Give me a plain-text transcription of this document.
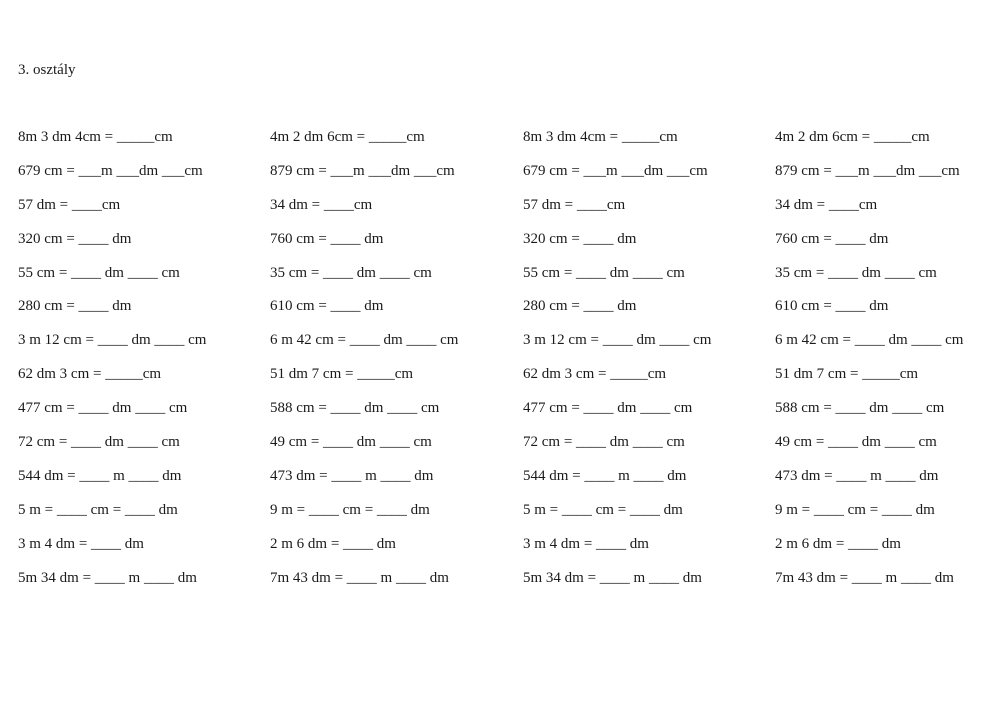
3. osztály
8m 3 dm 4cm = _____cm	4m 2 dm 6cm = _____cm	8m 3 dm 4cm = _____cm	4m 2 dm 6cm = _____cm
679 cm = ___m ___dm ___cm	879 cm = ___m ___dm ___cm	679 cm = ___m ___dm ___cm	879 cm = ___m ___dm ___cm
57 dm = ____cm	34 dm = ____cm	57 dm = ____cm	34 dm = ____cm
320 cm = ____ dm	760 cm = ____ dm	320 cm = ____ dm	760 cm = ____ dm
55 cm = ____ dm ____ cm	35 cm = ____ dm ____ cm	55 cm = ____ dm ____ cm	35 cm = ____ dm ____ cm
280 cm = ____ dm	610 cm = ____ dm	280 cm = ____ dm	610 cm = ____ dm
3 m 12 cm = ____ dm ____ cm	6 m 42 cm = ____ dm ____ cm	3 m 12 cm = ____ dm ____ cm	6 m 42 cm = ____ dm ____ cm
62 dm 3 cm = _____cm	51 dm 7 cm = _____cm	62 dm 3 cm = _____cm	51 dm 7 cm = _____cm
477 cm = ____ dm ____ cm	588 cm = ____ dm ____ cm	477 cm = ____ dm ____ cm	588 cm = ____ dm ____ cm
72 cm = ____ dm ____ cm	49 cm = ____ dm ____ cm	72 cm = ____ dm ____ cm	49 cm = ____ dm ____ cm
544 dm = ____ m ____ dm	473 dm = ____ m ____ dm	544 dm = ____ m ____ dm	473 dm = ____ m ____ dm
5 m = ____ cm = ____ dm	9 m = ____ cm = ____ dm	5 m = ____ cm = ____ dm	9 m = ____ cm = ____ dm
3 m 4 dm = ____ dm	2 m 6 dm = ____ dm	3 m 4 dm = ____ dm	2 m 6 dm = ____ dm
5m 34 dm = ____ m ____ dm	7m 43 dm = ____ m ____ dm	5m 34 dm = ____ m ____ dm	7m 43 dm = ____ m ____ dm
